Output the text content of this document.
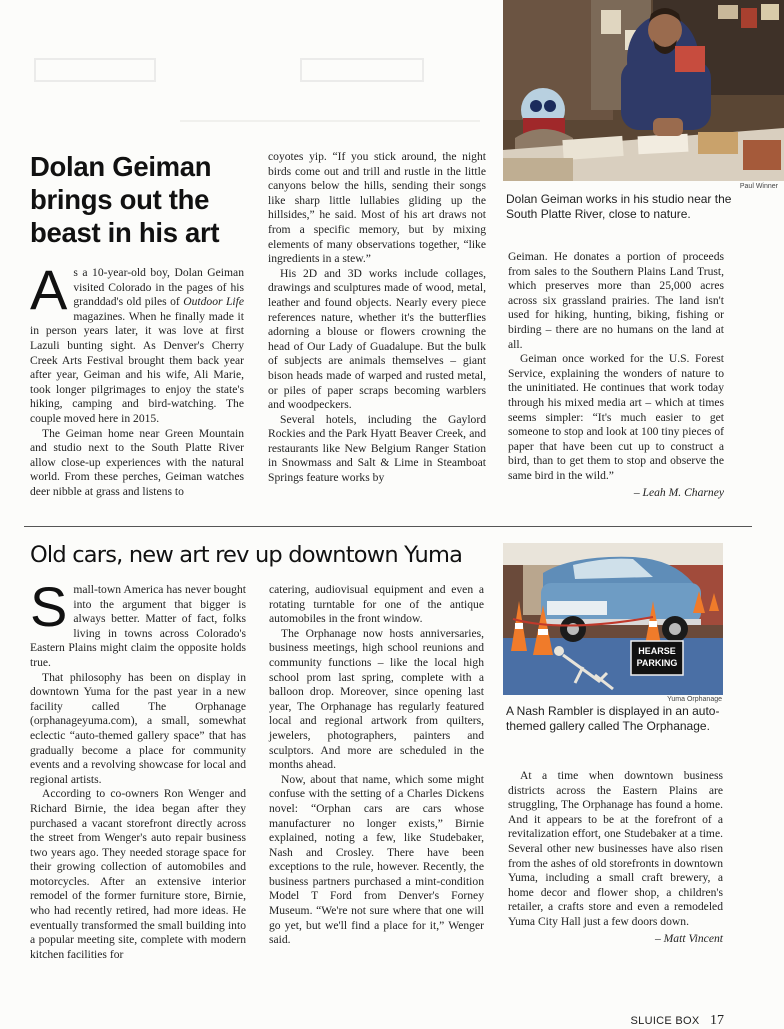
Dolan Geiman brings out the beast in his art

As a 10-year-old boy, Dolan Geiman visited Colorado in the pages of his granddad's old piles of Outdoor Life magazines. When he finally made it in person years later, it was love at first Lazuli bunting sight. As Denver's Cherry Creek Arts Festival brought them back year after year, Geiman and his wife, Ali Marie, took longer pilgrimages to enjoy the state's hiking, camping and bird-watching. The couple moved here in 2015.

The Geiman home near Green Mountain and studio next to the South Platte River allow close-up experiences with the natural world. From these perches, Geiman watches deer nibble at grass and listens to

coyotes yip. “If you stick around, the night birds come out and trill and rustle in the little canyons below the hills, sending their songs like sharp little lullabies gliding up the hillsides,” he said. Most of his art draws not from a specific memory, but by mixing elements of many observations together, “like ingredients in a stew.”

His 2D and 3D works include collages, drawings and sculptures made of wood, metal, leather and found objects. Nearly every piece references nature, whether it's the butterflies adorning a blouse or flowers crowning the head of Our Lady of Guadalupe. But the bulk of subjects are animals themselves – giant bison heads made of warped and rusted metal, or piles of paper scraps becoming warblers and woodpeckers.

Several hotels, including the Gaylord Rockies and the Park Hyatt Beaver Creek, and restaurants like New Belgium Ranger Station in Snowmass and Salt & Lime in Steamboat Springs feature works by

Paul Winner
Dolan Geiman works in his studio near the South Platte River, close to nature.

Geiman. He donates a portion of proceeds from sales to the Southern Plains Land Trust, which preserves more than 25,000 acres across six grassland prairies. The land isn't used for hiking, hunting, biking, fishing or birding – there are no humans on the land at all.

Geiman once worked for the U.S. Forest Service, explaining the wonders of nature to the uninitiated. He continues that work today through his mixed media art – which at times seems simpler: “It's much easier to get someone to stop and look at 100 tiny pieces of paper that have been cut up to construct a bird, than to get them to stop and observe the same bird in the wild.”

– Leah M. Charney
Old cars, new art rev up downtown Yuma

Small-town America has never bought into the argument that bigger is always better. Matter of fact, folks living in towns across Colorado's Eastern Plains might claim the opposite holds true.

That philosophy has been on display in downtown Yuma for the past year in a new facility called The Orphanage (orphanageyuma.com), a small, somewhat eclectic “auto-themed gallery space” that has gradually become a place for community events and a revolving showcase for local and regional artists.

According to co-owners Ron Wenger and Richard Birnie, the idea began after they purchased a vacant storefront directly across the street from Wenger's auto repair business two years ago. They needed storage space for their growing collection of automobiles and motorcycles. After an extensive interior remodel of the former furniture store, Birnie, who had recently retired, had more ideas. He eventually transformed the small building into a popular meeting site, complete with modern kitchen facilities for

catering, audiovisual equipment and even a rotating turntable for one of the antique automobiles in the front window.

The Orphanage now hosts anniversaries, business meetings, high school reunions and community functions – like the local high school prom last spring, complete with a balloon drop. Moreover, since opening last year, The Orphanage has regularly featured local and regional artwork from quilters, jewelers, photographers, painters and sculptors. And more are scheduled in the months ahead.

Now, about that name, which some might confuse with the setting of a Charles Dickens novel: “Orphan cars are cars whose manufacturer no longer exists,” Birnie explained, noting a few, like Studebaker, Nash and Crosley. There have been exceptions to the rule, however. Recently, the business partners purchased a mint-condition Model T Ford from Denver's Forney Museum. “We're not sure where that one will go yet, but we'll find a place for it,” Wenger said.

HEARSE
PARKING
Yuma Orphanage
A Nash Rambler is displayed in an auto-themed gallery called The Orphanage.

At a time when downtown business districts across the Eastern Plains are struggling, The Orphanage has found a home. And it appears to be at the forefront of a revitalization effort, one Studebaker at a time. Several other new businesses have also risen from the ashes of old storefronts in downtown Yuma, including a small craft brewery, a home decor and flower shop, a children's retailer, a crafts store and even a remodeled Yuma City Hall just a few doors down.

– Matt Vincent
SLUICE BOX 17
